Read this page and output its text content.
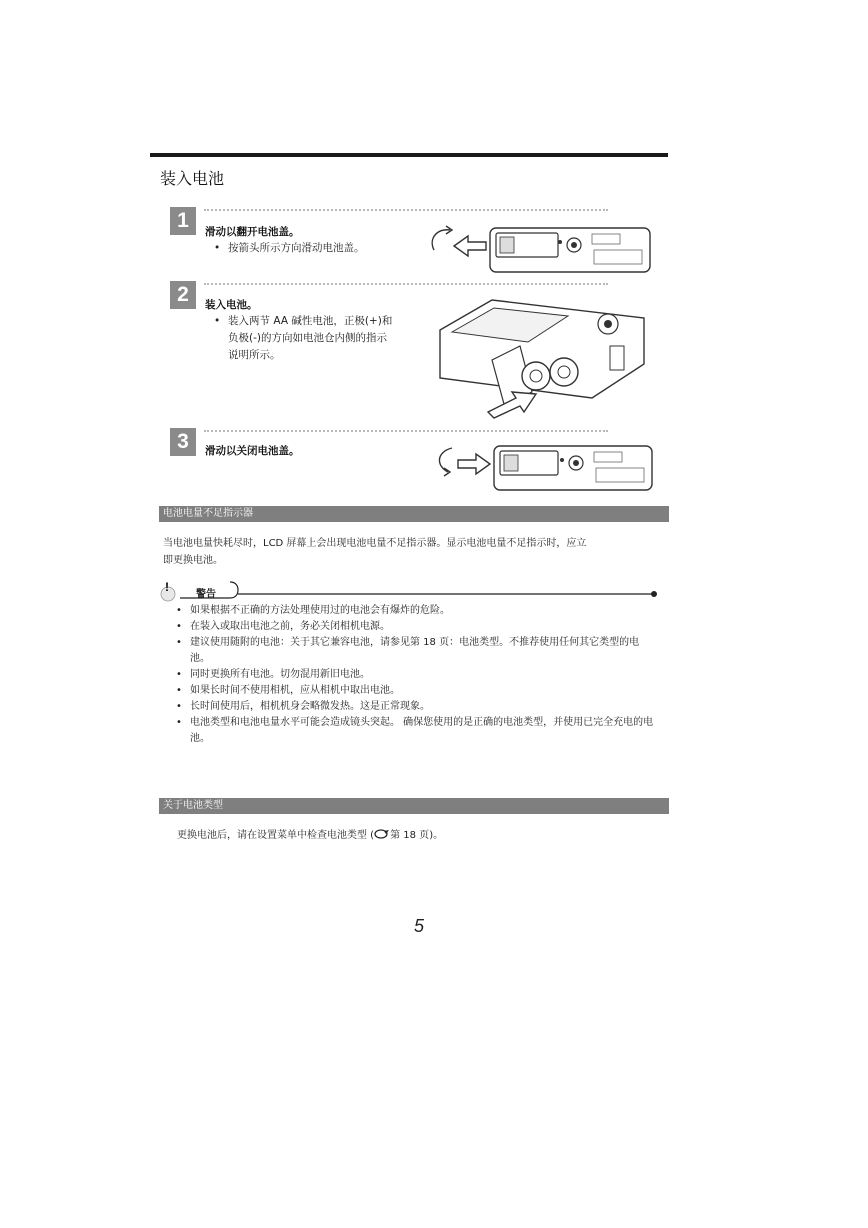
装入电池
1	滑动以翻开电池盖。
• 按箭头所示方向滑动电池盖。
2	装入电池。
• 装入两节 AA 碱性电池，正极(+)和
负极(-)的方向如电池仓内侧的指示
说明所示。
3	滑动以关闭电池盖。
电池电量不足指示器
当电池电量快耗尽时，LCD 屏幕上会出现电池电量不足指示器。显示电池电量不足指示时，应立
即更换电池。
!
警告
• 如果根据不正确的方法处理使用过的电池会有爆炸的危险。
• 在装入或取出电池之前，务必关闭相机电源。
• 建议使用随附的电池：关于其它兼容电池，请参见第 18 页：电池类型。不推荐使用任何其它类型的电池。
• 同时更换所有电池。切勿混用新旧电池。
• 如果长时间不使用相机，应从相机中取出电池。
• 长时间使用后，相机机身会略微发热。这是正常现象。
• 电池类型和电池电量水平可能会造成镜头突起。 确保您使用的是正确的电池类型，并使用已完全充电的电池。
关于电池类型
更换电池后，请在设置菜单中检查电池类型 ( 第 18 页)。
5
